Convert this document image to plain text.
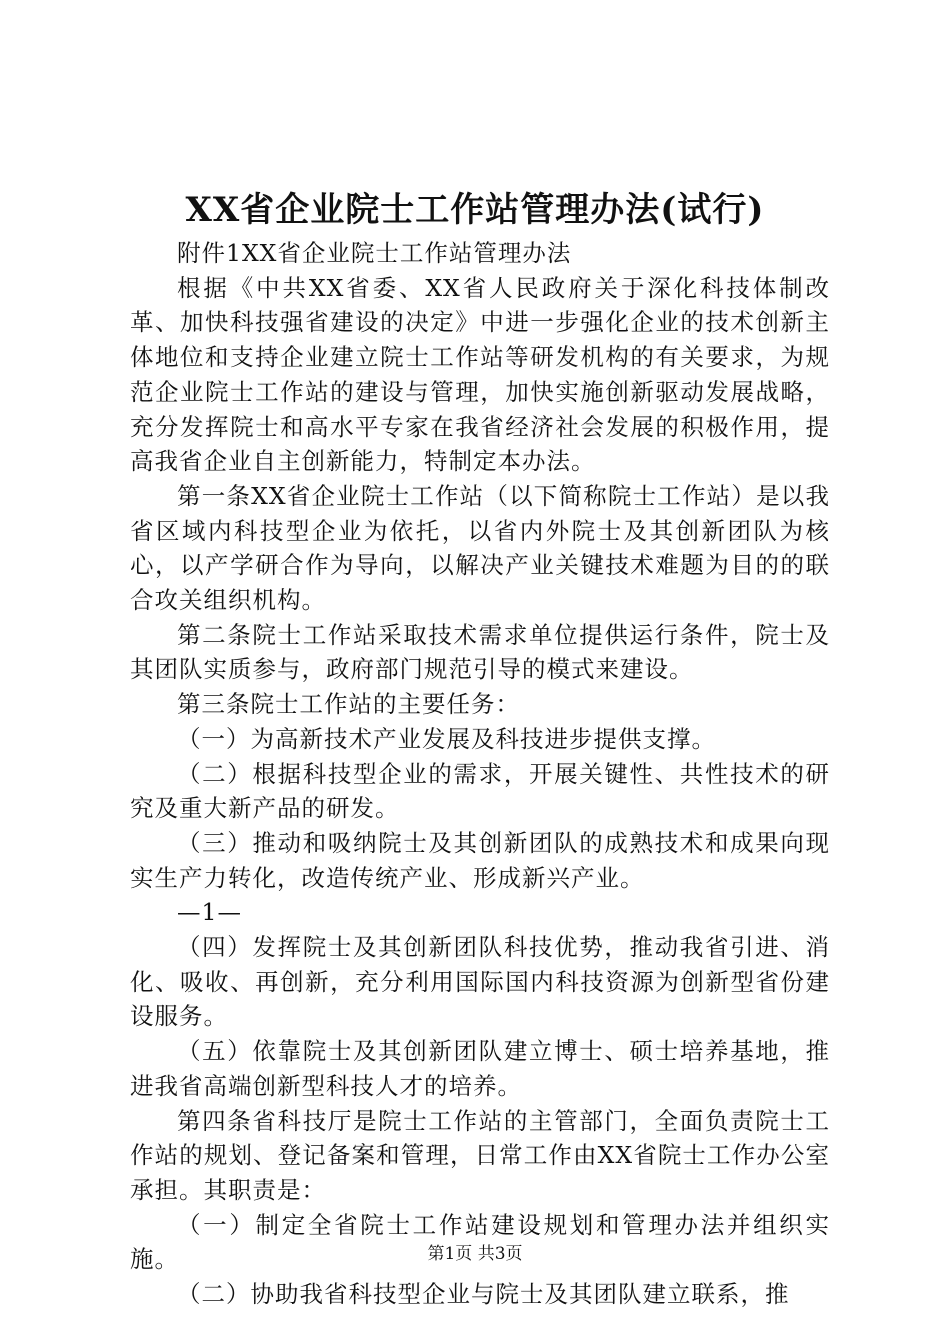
XX省企业院士工作站管理办法(试行)

附件1XX省企业院士工作站管理办法

根据《中共XX省委、XX省人民政府关于深化科技体制改革、加快科技强省建设的决定》中进一步强化企业的技术创新主体地位和支持企业建立院士工作站等研发机构的有关要求，为规范企业院士工作站的建设与管理，加快实施创新驱动发展战略，充分发挥院士和高水平专家在我省经济社会发展的积极作用，提高我省企业自主创新能力，特制定本办法。

第一条XX省企业院士工作站（以下简称院士工作站）是以我省区域内科技型企业为依托，以省内外院士及其创新团队为核心，以产学研合作为导向，以解决产业关键技术难题为目的的联合攻关组织机构。

第二条院士工作站采取技术需求单位提供运行条件，院士及其团队实质参与，政府部门规范引导的模式来建设。

第三条院士工作站的主要任务：

（一）为高新技术产业发展及科技进步提供支撑。

（二）根据科技型企业的需求，开展关键性、共性技术的研究及重大新产品的研发。

（三）推动和吸纳院士及其创新团队的成熟技术和成果向现实生产力转化，改造传统产业、形成新兴产业。

—1—

（四）发挥院士及其创新团队科技优势，推动我省引进、消化、吸收、再创新，充分利用国际国内科技资源为创新型省份建设服务。

（五）依靠院士及其创新团队建立博士、硕士培养基地，推进我省高端创新型科技人才的培养。

第四条省科技厅是院士工作站的主管部门，全面负责院士工作站的规划、登记备案和管理，日常工作由XX省院士工作办公室承担。其职责是：

（一）制定全省院士工作站建设规划和管理办法并组织实施。

（二）协助我省科技型企业与院士及其团队建立联系，推

第1页 共3页
